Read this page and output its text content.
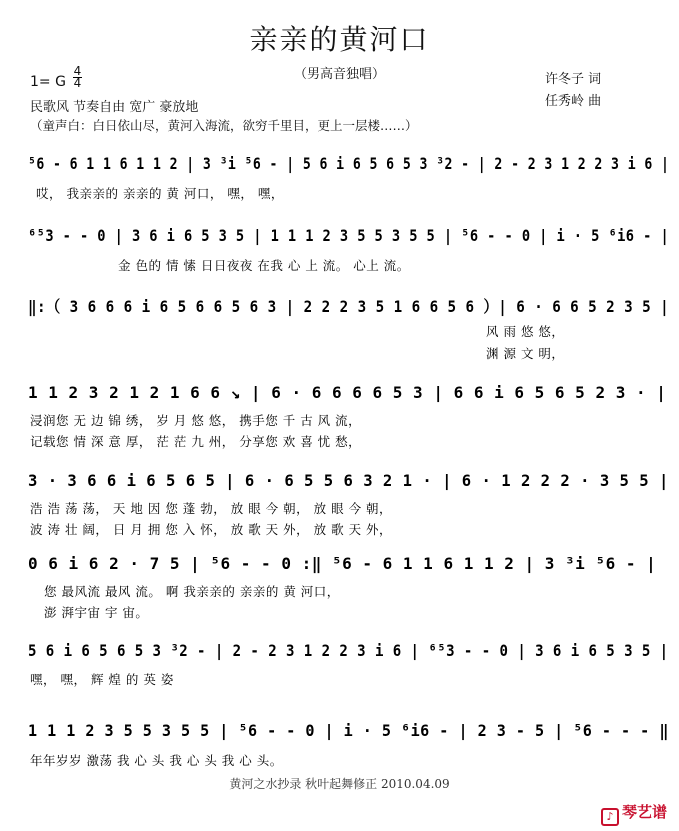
亲亲的黄河口
（男高音独唱）
1= G
4
4
民歌风 节奏自由 宽广 豪放地
（童声白：白日依山尽，黄河入海流，欲穷千里目，更上一层楼……）
许冬子 词
任秀岭 曲
⁵6 - 6 1 1 6 1 1 2 | 3 ³i ⁵6 - | 5 6 i 6 5 6 5 3 ³2 - | 2 - 2 3 1 2 2 3 i 6 |
哎， 我亲亲的 亲亲的 黄 河口， 嘿， 嘿，
⁶⁵3 - - 0 | 3 6 i 6 5 3 5 | 1 1 1 2 3 5 5 3 5 5 | ⁵6 - - 0 | i · 5 ⁶i6 - |
金 色的 情 愫 日日夜夜 在我 心 上 流。 心上 流。
‖:（ 3 6 6 6 i 6 5 6 6 5 6 3 | 2 2 2 3 5 1 6 6 5 6 ）| 6 · 6 6 5 2 3 5 |
风 雨 悠 悠，
渊 源 文 明，
1 1 2 3 2 1 2 1 6 6 ↘ | 6 · 6 6 6 6 5 3 | 6 6 i 6 5 6 5 2 3 · |
浸润您 无 边 锦 绣， 岁 月 悠 悠， 携手您 千 古 风 流，
记载您 情 深 意 厚， 茫 茫 九 州， 分享您 欢 喜 忧 愁，
3 · 3 6 6 i 6 5 6 5 | 6 · 6 5 5 6 3 2 1 · | 6 · 1 2 2 2 · 3 5 5 |
浩 浩 荡 荡， 天 地 因 您 蓬 勃， 放 眼 今 朝， 放 眼 今 朝，
波 涛 壮 阔， 日 月 拥 您 入 怀， 放 歌 天 外， 放 歌 天 外，
0 6 i 6 2 · 7 5 | ⁵6 - - 0 :‖ ⁵6 - 6 1 1 6 1 1 2 | 3 ³i ⁵6 - |
您 最风流 最风 流。 啊 我亲亲的 亲亲的 黄 河口，
澎 湃宇宙 宇 宙。
5 6 i 6 5 6 5 3 ³2 - | 2 - 2 3 1 2 2 3 i 6 | ⁶⁵3 - - 0 | 3 6 i 6 5 3 5 |
嘿， 嘿， 辉 煌 的 英 姿
1 1 1 2 3 5 5 3 5 5 | ⁵6 - - 0 | i · 5 ⁶i6 - | 2 3 - 5 | ⁵6 - - - ‖
年年岁岁 激荡 我 心 头 我 心 头 我 心 头。
黄河之水抄录 秋叶起舞修正 2010.04.09
♪ 琴艺谱
